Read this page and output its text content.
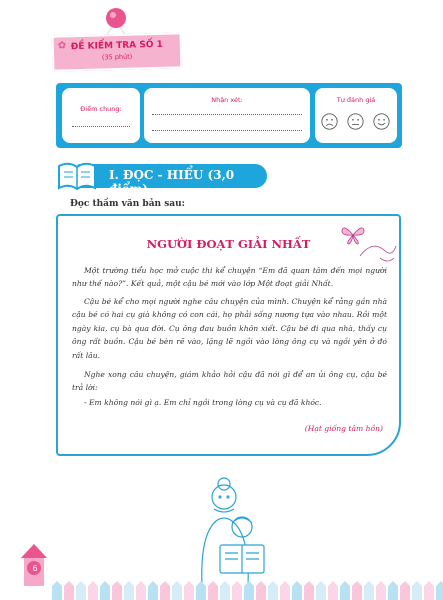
✿ ĐỀ KIỂM TRA SỐ 1
(35 phút)
Điểm chung:
Nhận xét:	Tự đánh giá
I. ĐỌC - HIỂU (3,0 điểm)
Đọc thầm văn bản sau:
NGƯỜI ĐOẠT GIẢI NHẤT
Một trường tiểu học mở cuộc thi kể chuyện “Em đã quan tâm đến mọi người như thế nào?”. Kết quả, một cậu bé mới vào lớp Một đoạt giải Nhất.
Cậu bé kể cho mọi người nghe câu chuyện của mình. Chuyện kể rằng gần nhà cậu bé có hai cụ già không có con cái, họ phải sống nương tựa vào nhau. Rồi một ngày kia, cụ bà qua đời. Cụ ông đau buồn khôn xiết. Cậu bé đi qua nhà, thấy cụ ông rất buồn. Cậu bé bèn rẽ vào, lặng lẽ ngồi vào lòng ông cụ và ngồi yên ở đó rất lâu.
Nghe xong câu chuyện, giám khảo hỏi cậu đã nói gì để an ủi ông cụ, cậu bé trả lời:
- Em không nói gì ạ. Em chỉ ngồi trong lòng cụ và cụ đã khóc.
(Hạt giống tâm hồn)
6
